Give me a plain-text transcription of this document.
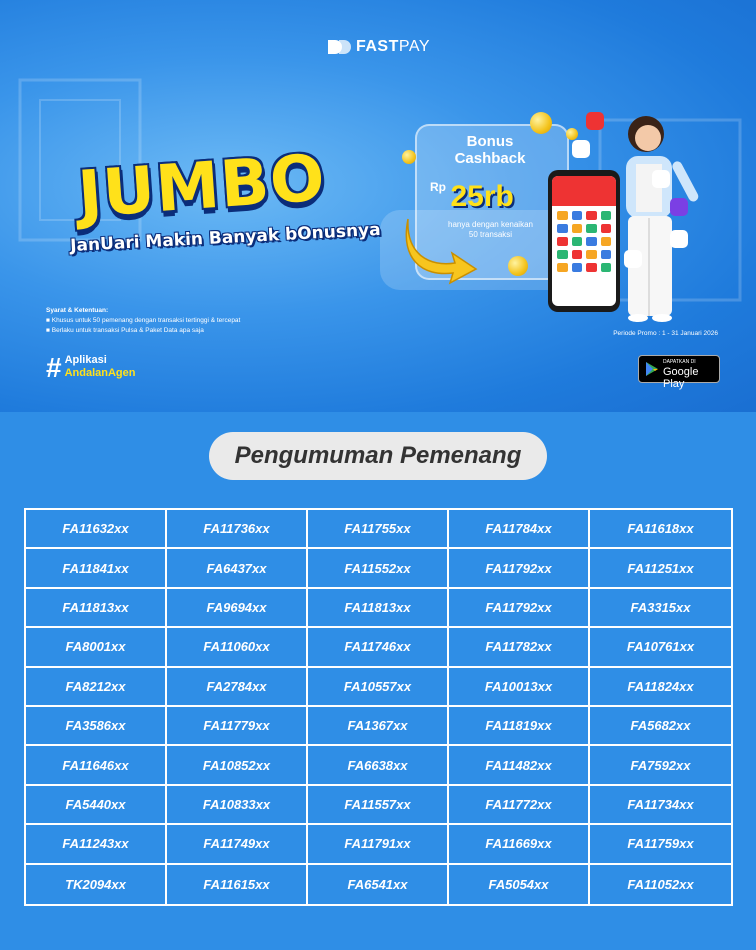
FASTPAY
JUMBO
JanUari Makin Banyak bOnusnya
Syarat & Ketentuan:
■ Khusus untuk 50 pemenang dengan transaksi tertinggi & tercepat
■ Berlaku untuk transaksi Pulsa & Paket Data apa saja
# Aplikasi
AndalanAgen
Bonus
Cashback
$^{Rp}$ 25rb
hanya dengan kenaikan
50 transaksi
Periode Promo : 1 - 31 Januari 2026
DAPATKAN DI
Google Play
Pengumuman Pemenang
FA11632xx	FA11736xx	FA11755xx	FA11784xx	FA11618xx
FA11841xx	FA6437xx	FA11552xx	FA11792xx	FA11251xx
FA11813xx	FA9694xx	FA11813xx	FA11792xx	FA3315xx
FA8001xx	FA11060xx	FA11746xx	FA11782xx	FA10761xx
FA8212xx	FA2784xx	FA10557xx	FA10013xx	FA11824xx
FA3586xx	FA11779xx	FA1367xx	FA11819xx	FA5682xx
FA11646xx	FA10852xx	FA6638xx	FA11482xx	FA7592xx
FA5440xx	FA10833xx	FA11557xx	FA11772xx	FA11734xx
FA11243xx	FA11749xx	FA11791xx	FA11669xx	FA11759xx
TK2094xx	FA11615xx	FA6541xx	FA5054xx	FA11052xx
